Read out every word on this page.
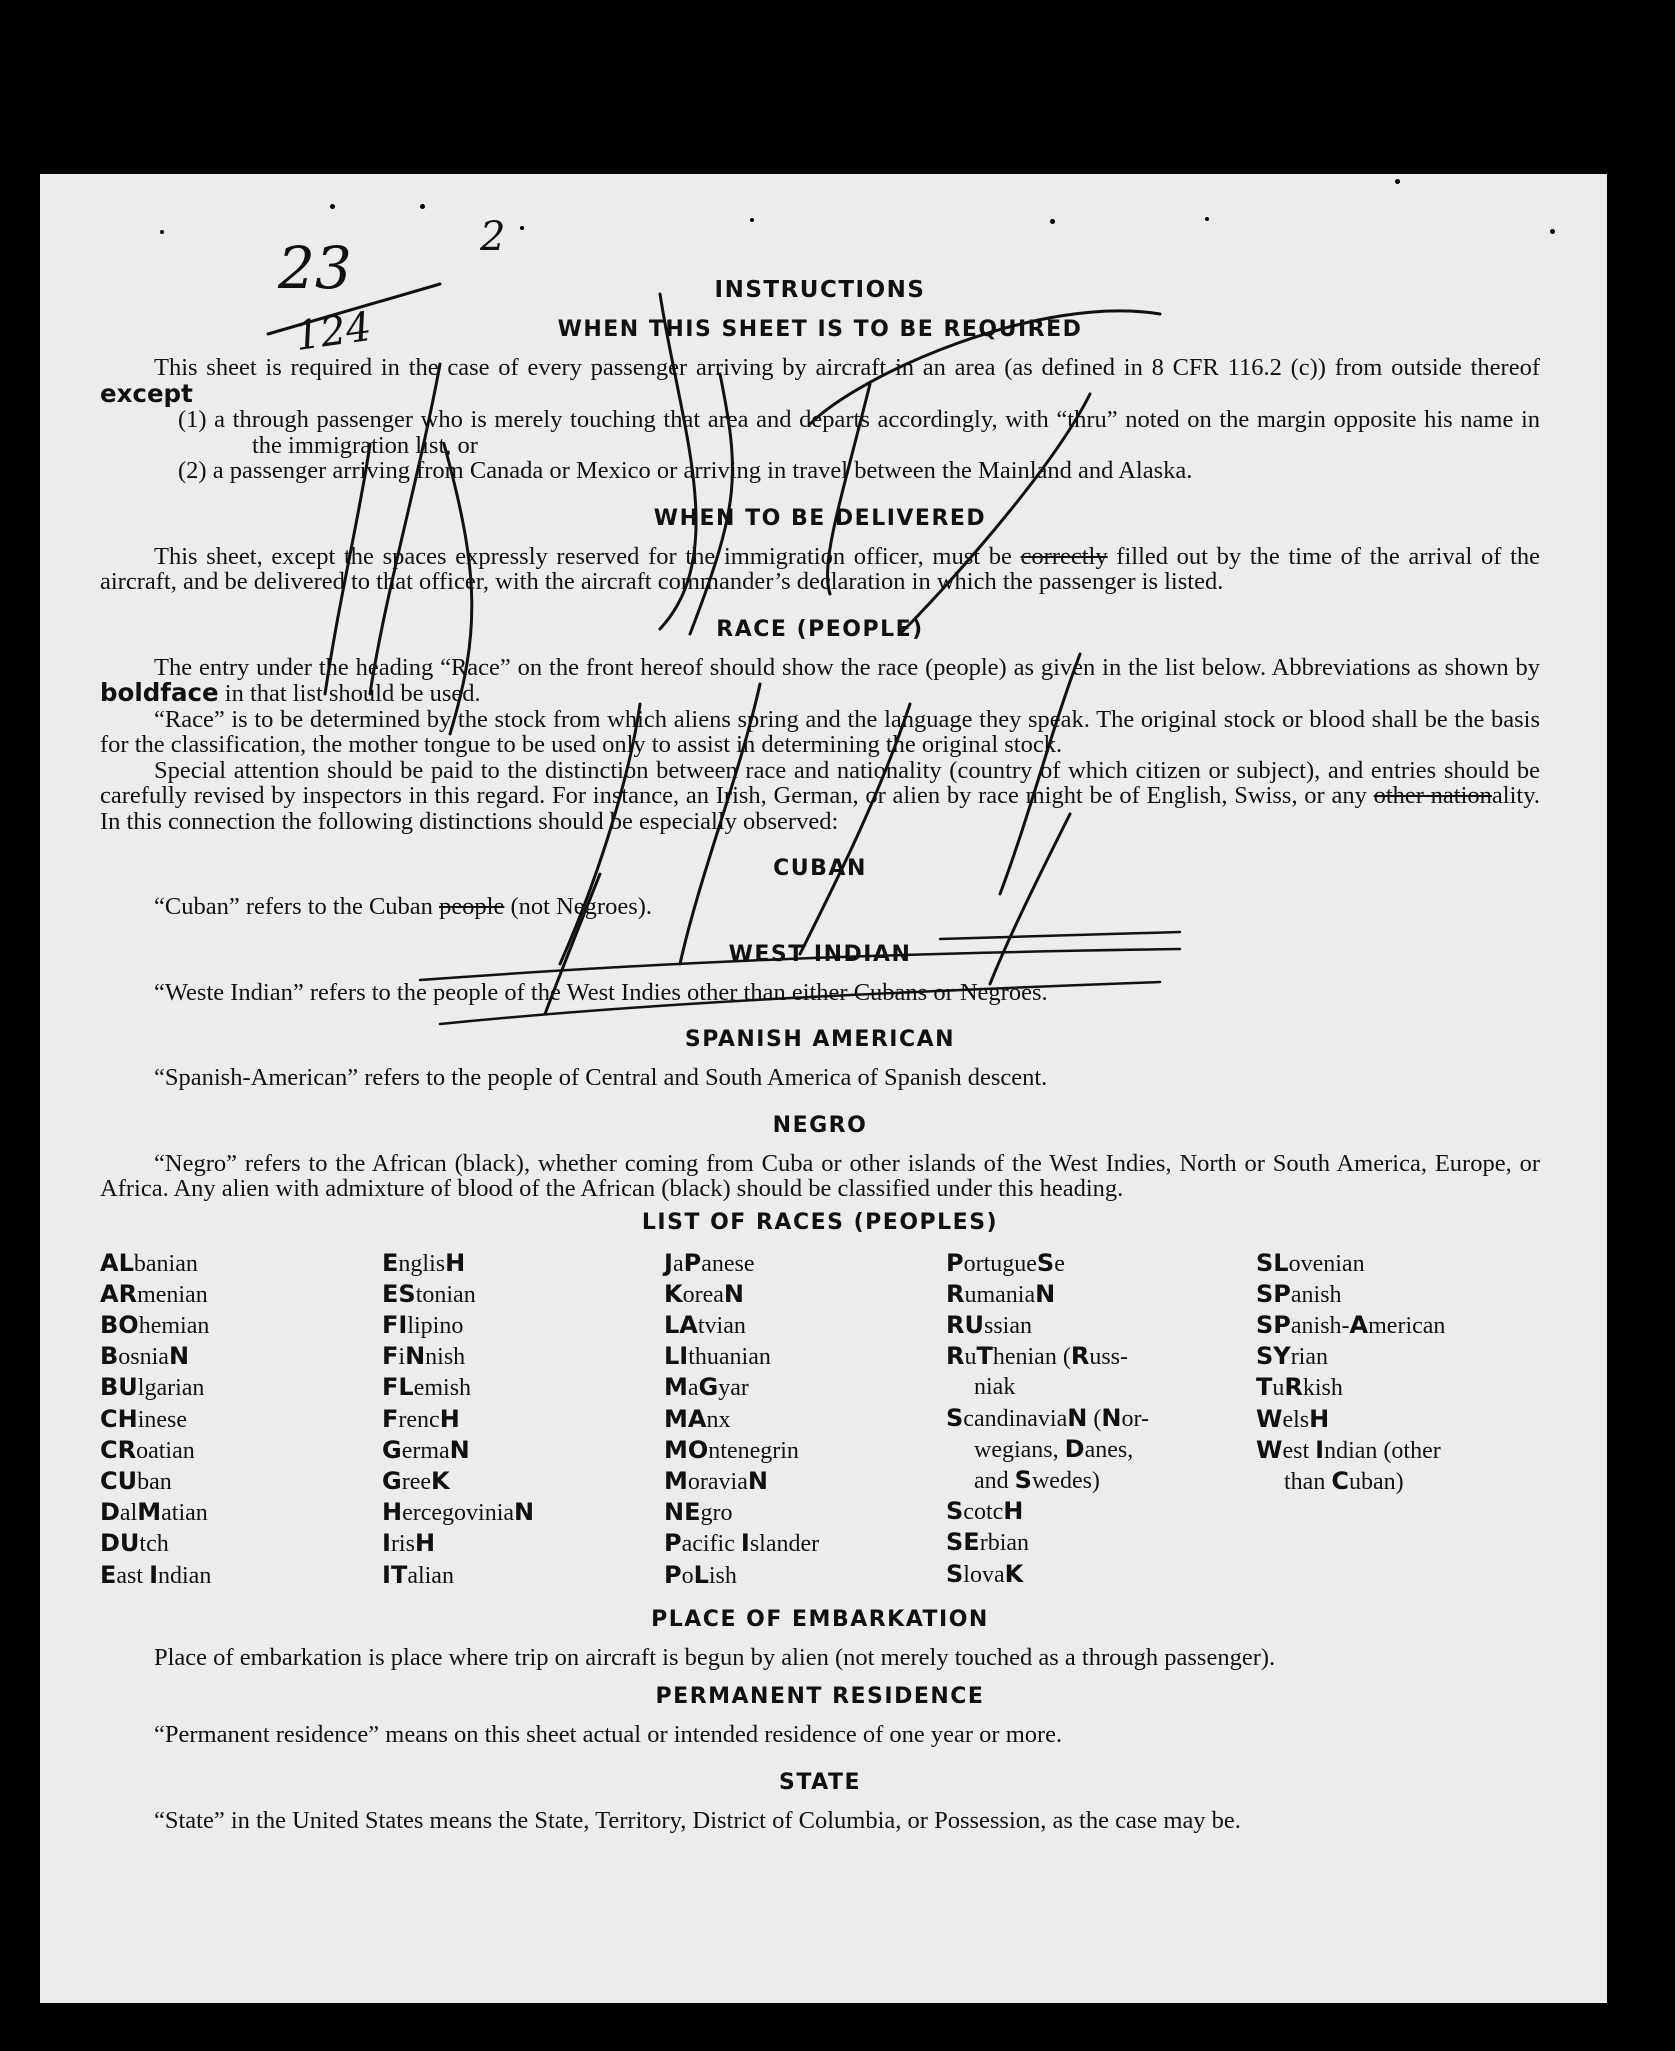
INSTRUCTIONS
WHEN THIS SHEET IS TO BE REQUIRED

This sheet is required in the case of every passenger arriving by aircraft in an area (as defined in 8 CFR 116.2 (c)) from outside thereof except

(1) a through passenger who is merely touching that area and departs accordingly, with “thru” noted on the margin opposite his name in the immigration list, or

(2) a passenger arriving from Canada or Mexico or arriving in travel between the Mainland and Alaska.

WHEN TO BE DELIVERED

This sheet, except the spaces expressly reserved for the immigration officer, must be correctly filled out by the time of the arrival of the aircraft, and be delivered to that officer, with the aircraft commander’s declaration in which the passenger is listed.

RACE (PEOPLE)

The entry under the heading “Race” on the front hereof should show the race (people) as given in the list below. Abbreviations as shown by boldface in that list should be used.

“Race” is to be determined by the stock from which aliens spring and the language they speak. The original stock or blood shall be the basis for the classification, the mother tongue to be used only to assist in determining the original stock.

Special attention should be paid to the distinction between race and nationality (country of which citizen or subject), and entries should be carefully revised by inspectors in this regard. For instance, an Irish, German, or alien by race might be of English, Swiss, or any other nationality. In this connection the following distinctions should be especially observed:

CUBAN

“Cuban” refers to the Cuban people (not Negroes).

WEST INDIAN

“Weste Indian” refers to the people of the West Indies other than either Cubans or Negroes.

SPANISH AMERICAN

“Spanish-American” refers to the people of Central and South America of Spanish descent.

NEGRO

“Negro” refers to the African (black), whether coming from Cuba or other islands of the West Indies, North or South America, Europe, or Africa. Any alien with admixture of blood of the African (black) should be classified under this heading.

LIST OF RACES (PEOPLES)
ALbanian
ARmenian
BOhemian
BosniaN
BUlgarian
CHinese
CRoatian
CUban
DalMatian
DUtch
East Indian
EnglisH
EStonian
FIlipino
FiNnish
FLemish
FrencH
GermaN
GreeK
HercegoviniaN
IrisH
ITalian
JaPanese
KoreaN
LAtvian
LIthuanian
MaGyar
MAnx
MOntenegrin
MoraviaN
NEgro
Pacific Islander
PoLish
PortugueSe
RumaniaN
RUssian
RuThenian (Russ-
niak
ScandinaviaN (Nor-
wegians, Danes,
and Swedes)
ScotcH
SErbian
SlovaK
SLovenian
SPanish
SPanish-American
SYrian
TuRkish
WelsH
West Indian (other
than Cuban)
PLACE OF EMBARKATION

Place of embarkation is place where trip on aircraft is begun by alien (not merely touched as a through passenger).

PERMANENT RESIDENCE

“Permanent residence” means on this sheet actual or intended residence of one year or more.

STATE

“State” in the United States means the State, Territory, District of Columbia, or Possession, as the case may be.

23	2
124
